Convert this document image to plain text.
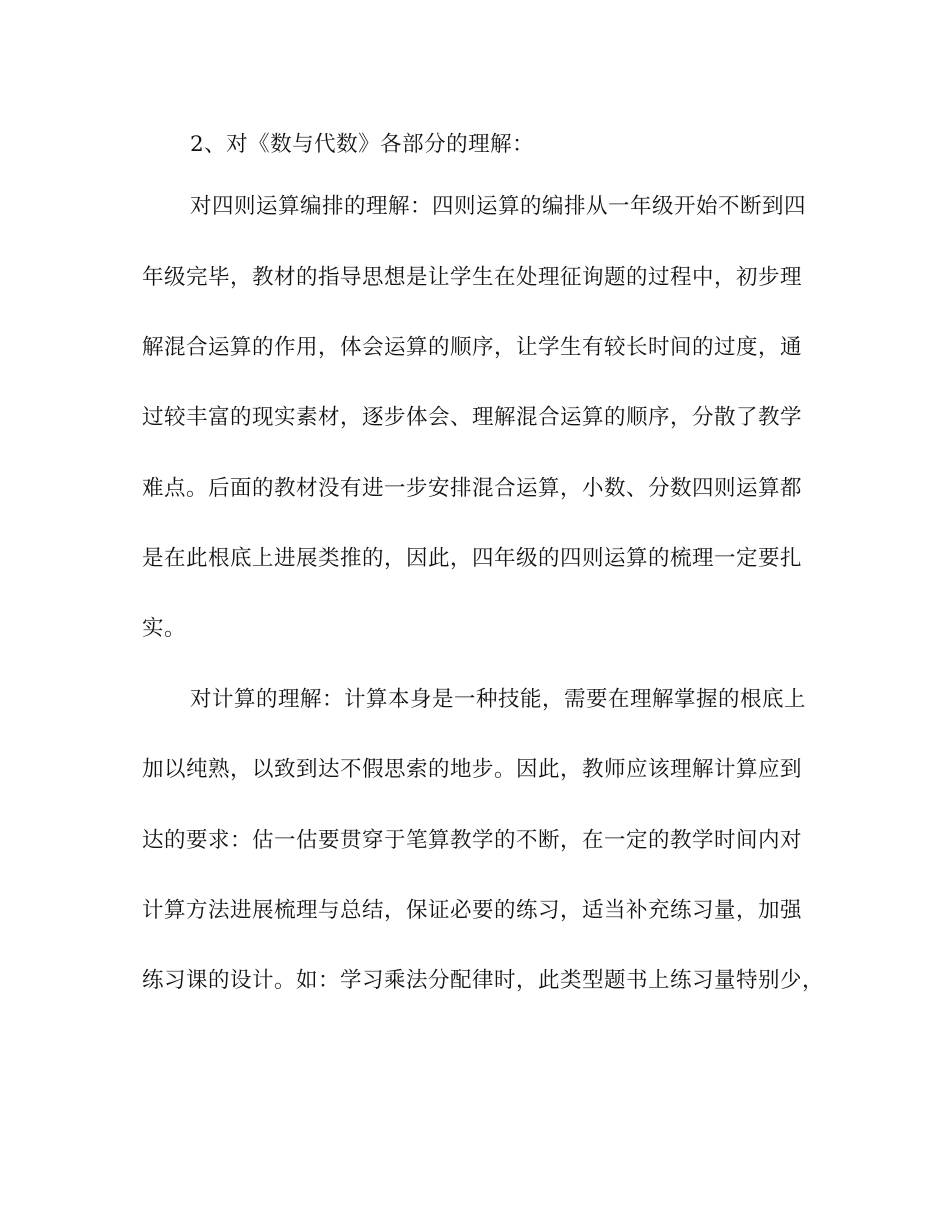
2、对《数与代数》各部分的理解：
对四则运算编排的理解：四则运算的编排从一年级开始不断到四
年级完毕，教材的指导思想是让学生在处理征询题的过程中，初步理
解混合运算的作用，体会运算的顺序，让学生有较长时间的过度，通
过较丰富的现实素材，逐步体会、理解混合运算的顺序，分散了教学
难点。后面的教材没有进一步安排混合运算，小数、分数四则运算都
是在此根底上进展类推的，因此，四年级的四则运算的梳理一定要扎
实。
对计算的理解：计算本身是一种技能，需要在理解掌握的根底上
加以纯熟，以致到达不假思索的地步。因此，教师应该理解计算应到
达的要求：估一估要贯穿于笔算教学的不断，在一定的教学时间内对
计算方法进展梳理与总结，保证必要的练习，适当补充练习量，加强
练习课的设计。如：学习乘法分配律时，此类型题书上练习量特别少，
